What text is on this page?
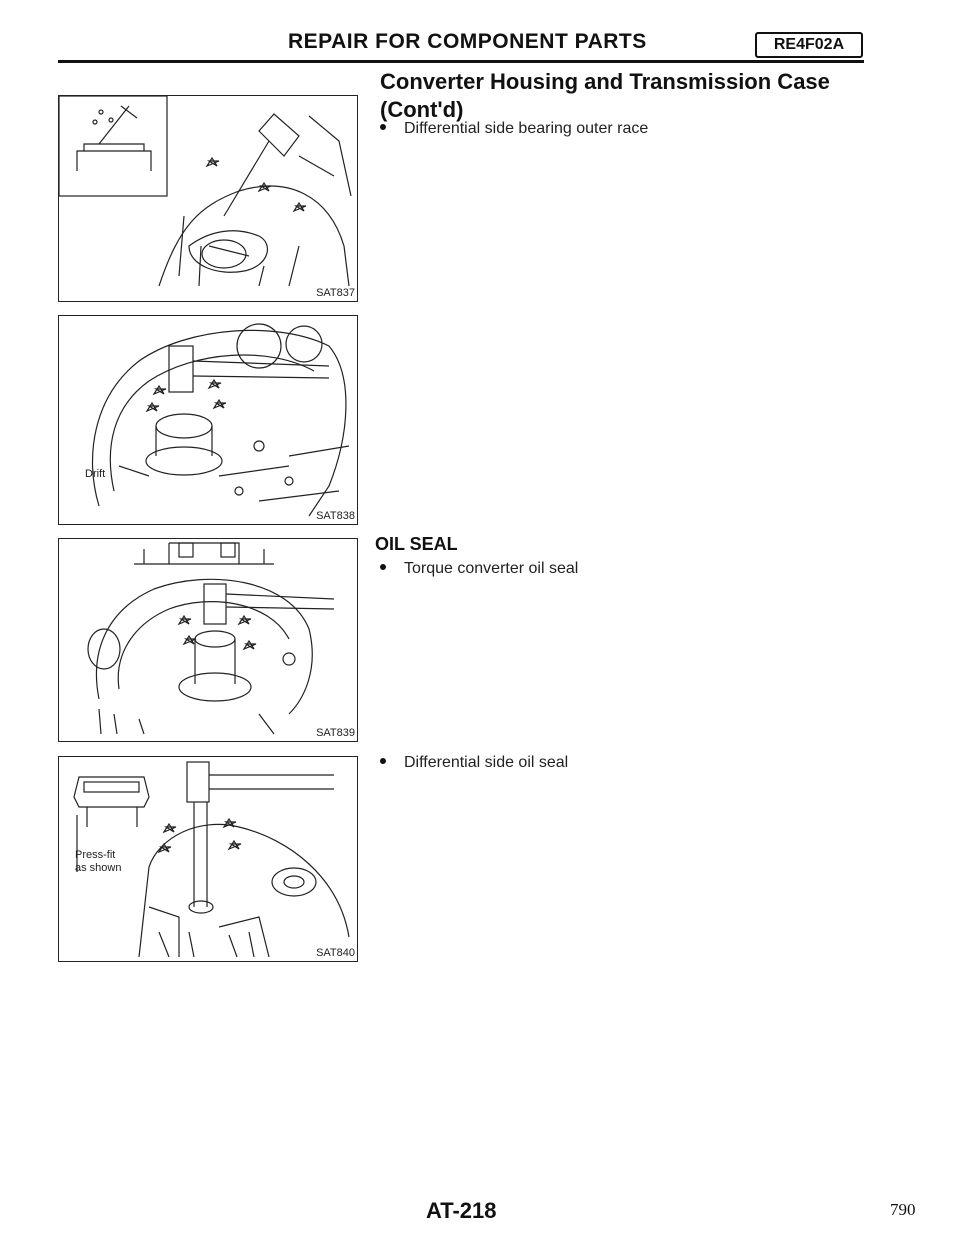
REPAIR FOR COMPONENT PARTS	RE4F02A
Converter Housing and Transmission Case (Cont'd)
Differential side bearing outer race
OIL SEAL
Torque converter oil seal
Differential side oil seal
SAT837
Drift
SAT838
SAT839
Press-fit
as shown
SAT840
AT-218	790
